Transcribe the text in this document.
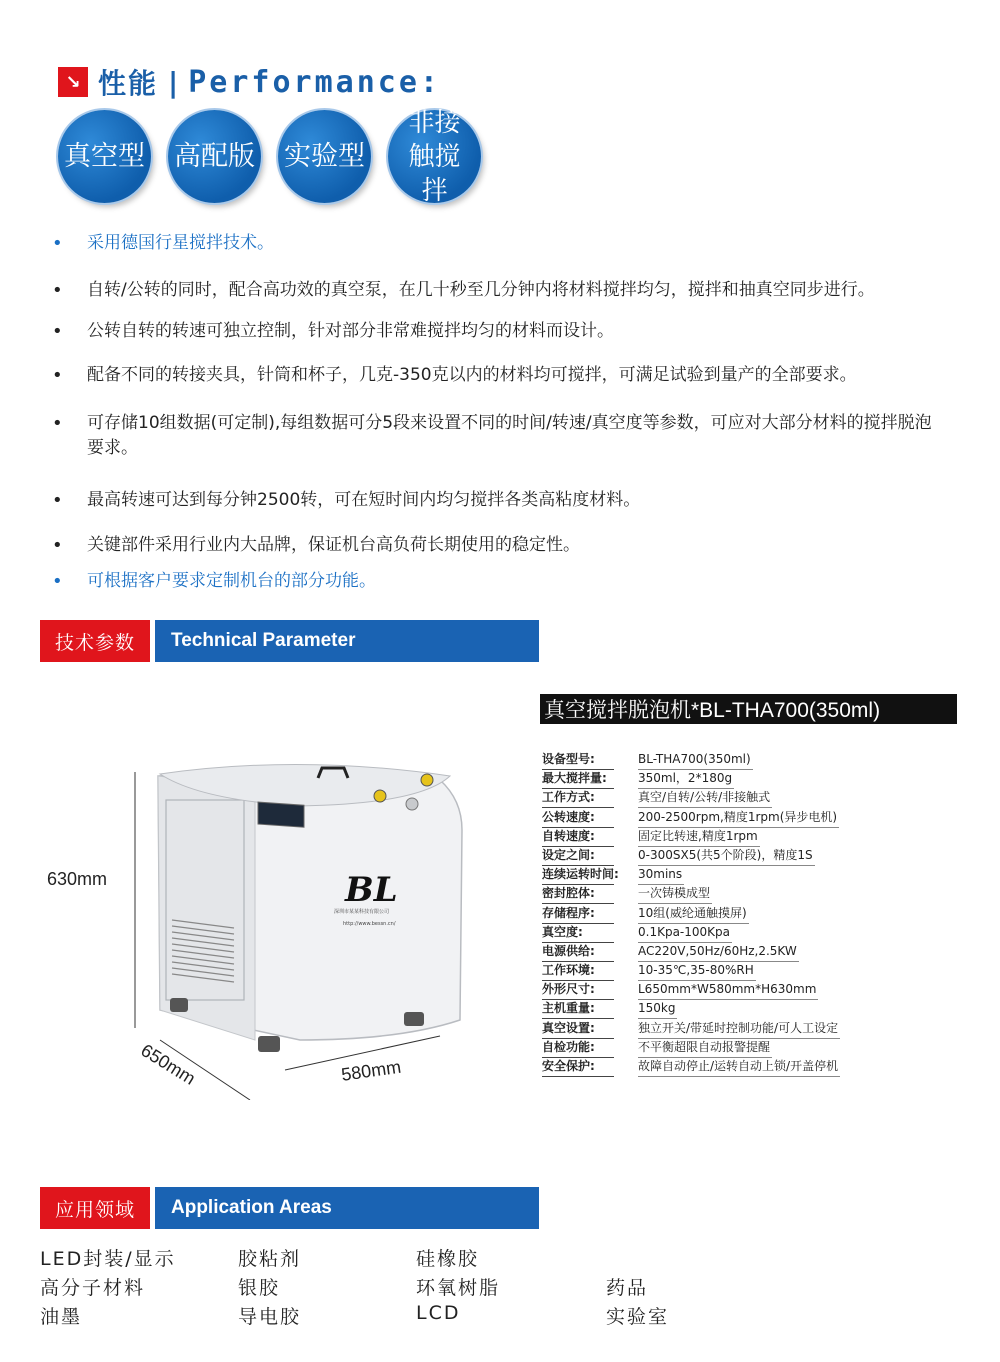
↘ 性能 | Performance:
真空型 高配版 实验型
非接触搅拌
•	采用德国行星搅拌技术。
•	自转/公转的同时，配合高功效的真空泵，在几十秒至几分钟内将材料搅拌均匀，搅拌和抽真空同步进行。
•	公转自转的转速可独立控制，针对部分非常难搅拌均匀的材料而设计。
•	配备不同的转接夹具，针筒和杯子，几克-350克以内的材料均可搅拌，可满足试验到量产的全部要求。
•	可存储10组数据(可定制),每组数据可分5段来设置不同的时间/转速/真空度等参数，可应对大部分材料的搅拌脱泡要求。
•	最高转速可达到每分钟2500转，可在短时间内均匀搅拌各类高粘度材料。
•	关键部件采用行业内大品牌，保证机台高负荷长期使用的稳定性。
•	可根据客户要求定制机台的部分功能。
技术参数	Technical Parameter
真空搅拌脱泡机*BL-THA700(350ml)
设备型号:	BL-THA700(350ml)
最大搅拌量:	350ml，2*180g
工作方式:	真空/自转/公转/非接触式
公转速度:	200-2500rpm,精度1rpm(异步电机)
自转速度:	固定比转速,精度1rpm
设定之间:	0-300SX5(共5个阶段)，精度1S
连续运转时间: 30mins
密封腔体:	一次铸模成型
存储程序:	10组(威纶通触摸屏)
真空度:	0.1Kpa-100Kpa
电源供给:	AC220V,50Hz/60Hz,2.5KW
工作环境:	10-35℃,35-80%RH
外形尺寸:	L650mm*W580mm*H630mm
主机重量:	150kg
真空设置:	独立开关/带延时控制功能/可人工设定
自检功能:	不平衡超限自动报警提醒
安全保护:	故障自动停止/运转自动上锁/开盖停机
630mm
650mm	580mm
BL
深圳市某某科技有限公司
http://www.bessn.cn/
应用领域	Application Areas
LED封装/显示	胶粘剂	硅橡胶
高分子材料	银胶	环氧树脂	药品
油墨	导电胶	LCD	实验室
